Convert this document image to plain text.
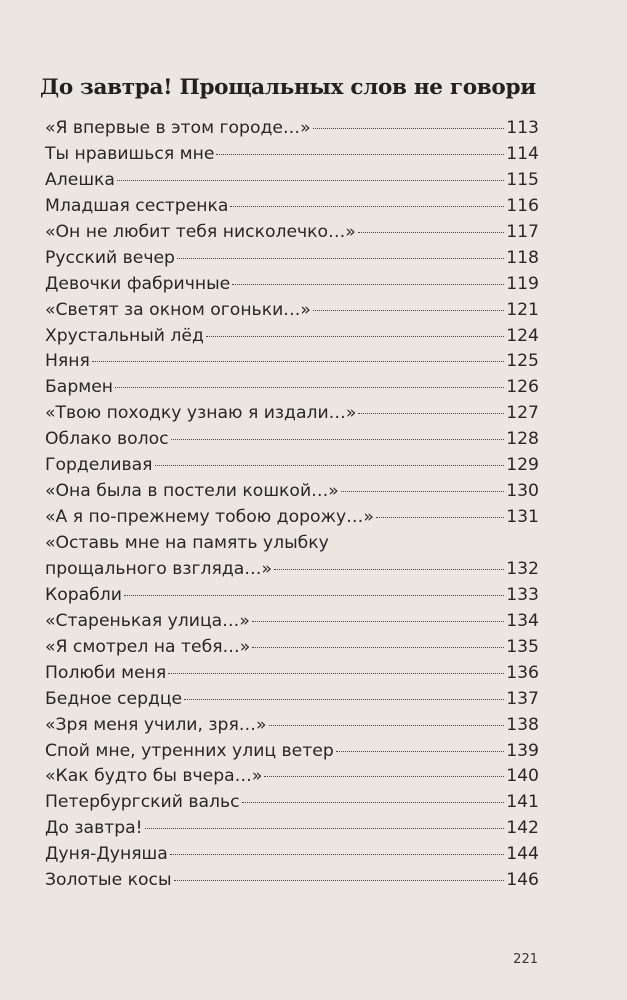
До завтра! Прощальных слов не говори
«Я впервые в этом городе…»	113
Ты нравишься мне	114
Алешка	115
Младшая сестренка	116
«Он не любит тебя нисколечко…»	117
Русский вечер	118
Девочки фабричные	119
«Светят за окном огоньки…»	121
Хрустальный лёд	124
Няня	125
Бармен	126
«Твою походку узнаю я издали…»	127
Облако волос	128
Горделивая	129
«Она была в постели кошкой…»	130
«А я по-прежнему тобою дорожу…»	131
«Оставь мне на память улыбку
прощального взгляда…»	132
Корабли	133
«Старенькая улица…»	134
«Я смотрел на тебя…»	135
Полюби меня	136
Бедное сердце	137
«Зря меня учили, зря…»	138
Спой мне, утренних улиц ветер	139
«Как будто бы вчера…»	140
Петербургский вальс	141
До завтра!	142
Дуня-Дуняша	144
Золотые косы	146
221
